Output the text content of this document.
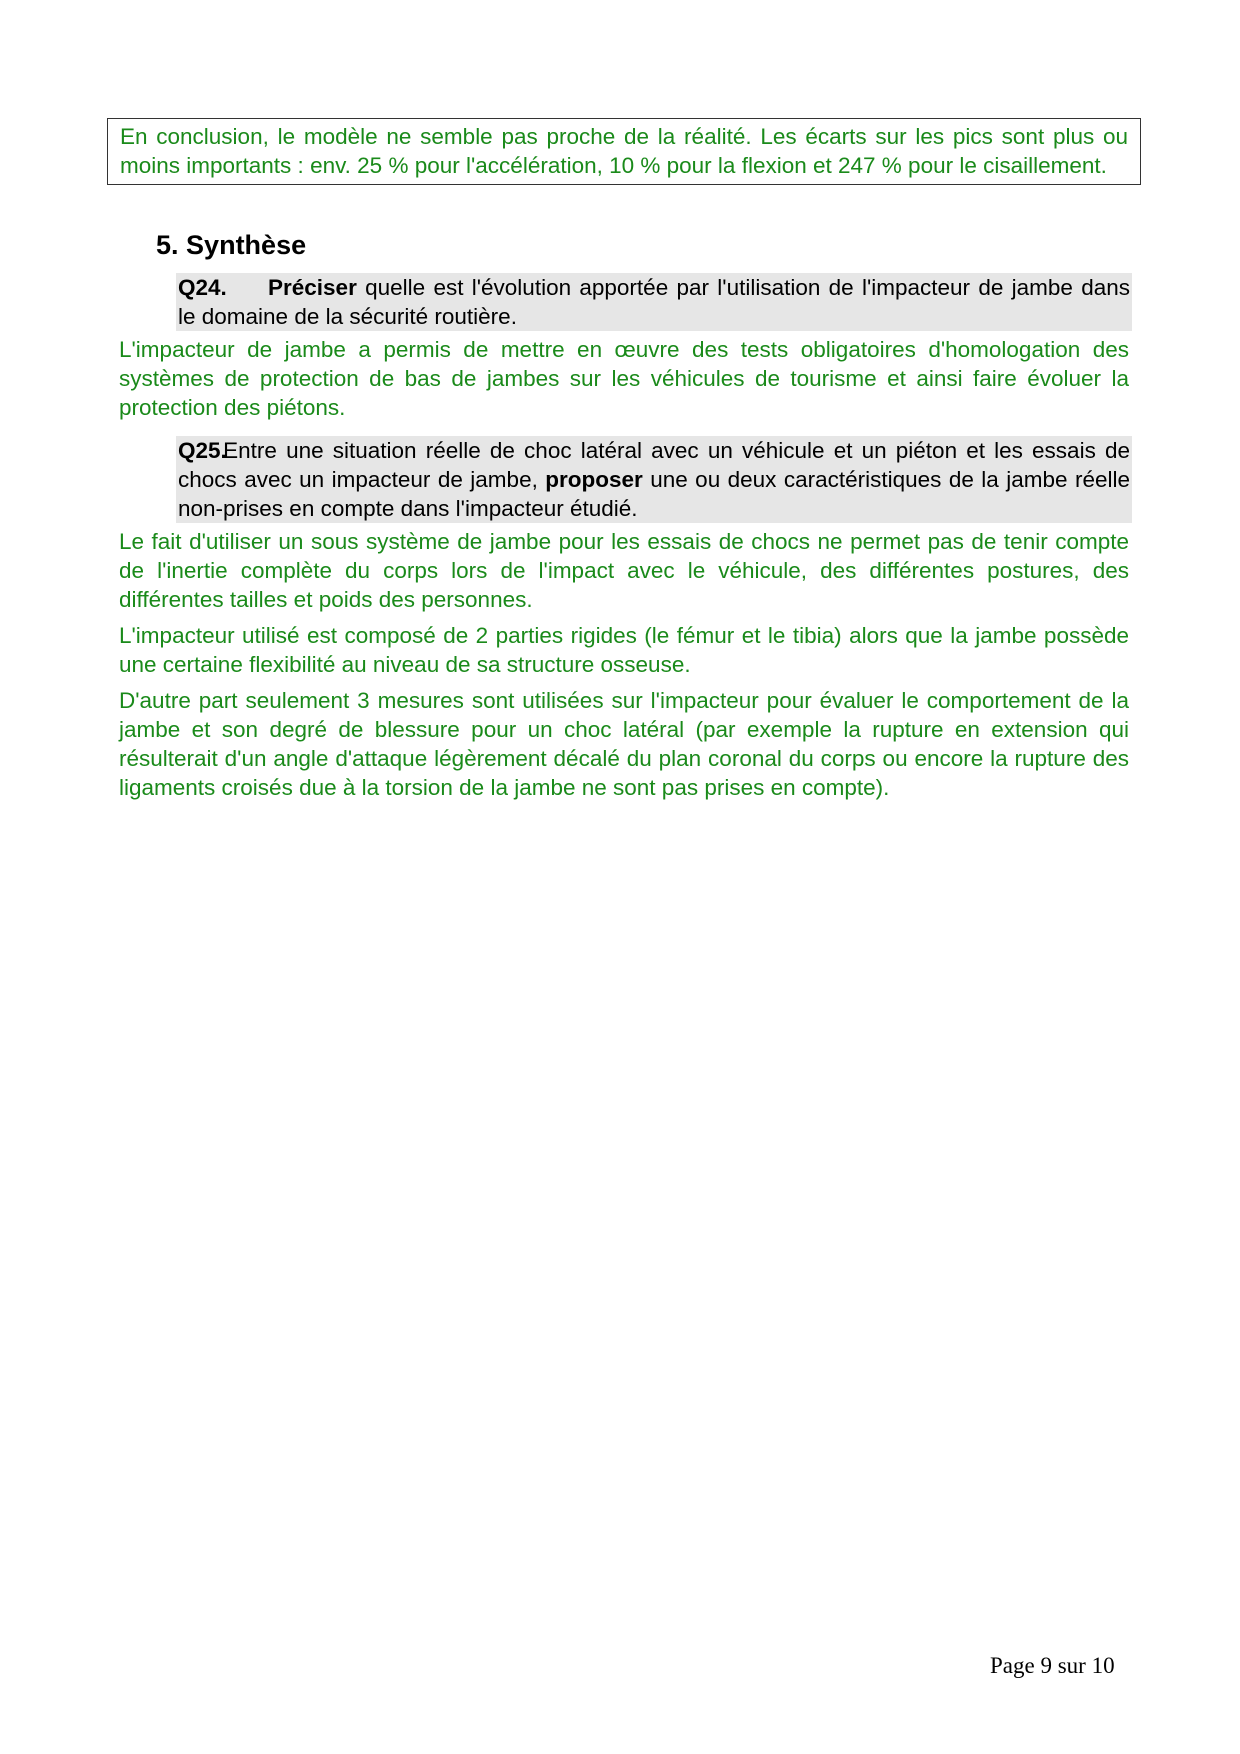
En conclusion, le modèle ne semble pas proche de la réalité. Les écarts sur les pics sont plus ou moins importants : env. 25 % pour l'accélération, 10 % pour la flexion et 247 % pour le cisaillement.
5. Synthèse
Q24. Préciser quelle est l'évolution apportée par l'utilisation de l'impacteur de jambe dans le domaine de la sécurité routière.
L'impacteur de jambe a permis de mettre en œuvre des tests obligatoires d'homologation des systèmes de protection de bas de jambes sur les véhicules de tourisme et ainsi faire évoluer la protection des piétons.
Q25. Entre une situation réelle de choc latéral avec un véhicule et un piéton et les essais de chocs avec un impacteur de jambe, proposer une ou deux caractéristiques de la jambe réelle non-prises en compte dans l'impacteur étudié.
Le fait d'utiliser un sous système de jambe pour les essais de chocs ne permet pas de tenir compte de l'inertie complète du corps lors de l'impact avec le véhicule, des différentes postures, des différentes tailles et poids des personnes.
L'impacteur utilisé est composé de 2 parties rigides (le fémur et le tibia) alors que la jambe possède une certaine flexibilité au niveau de sa structure osseuse.
D'autre part seulement 3 mesures sont utilisées sur l'impacteur pour évaluer le comportement de la jambe et son degré de blessure pour un choc latéral (par exemple la rupture en extension qui résulterait d'un angle d'attaque légèrement décalé du plan coronal du corps ou encore la rupture des ligaments croisés due à la torsion de la jambe ne sont pas prises en compte).
Page 9 sur 10
